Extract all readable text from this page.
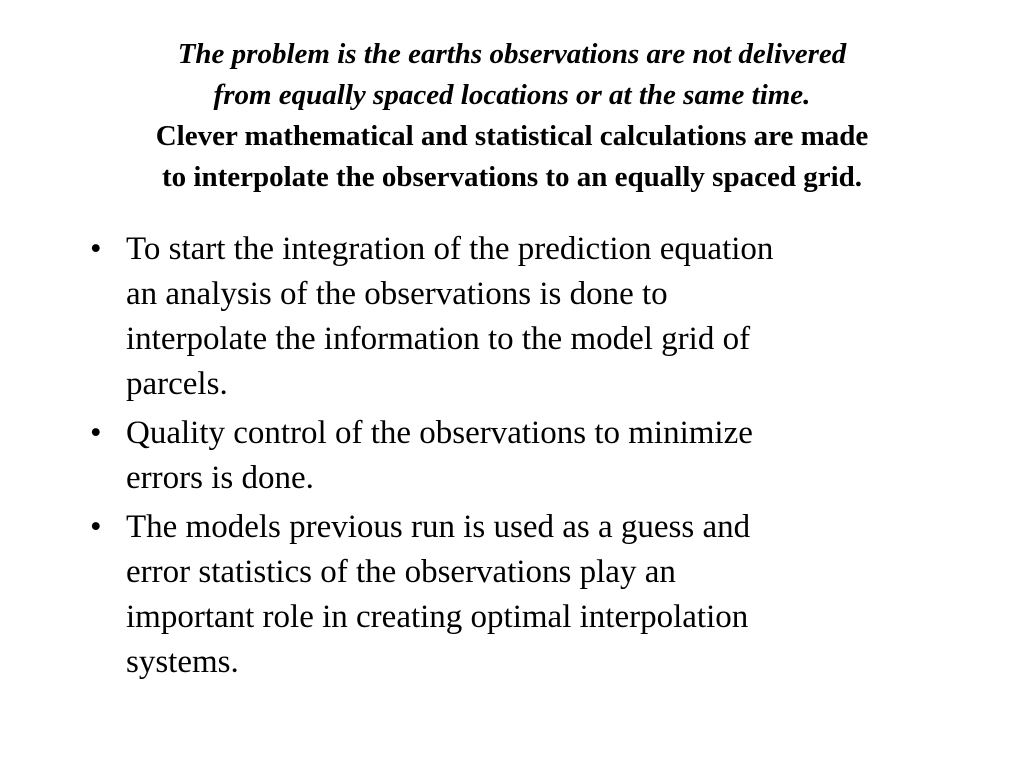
The problem is the earths observations are not delivered
from equally spaced locations or at the same time.
Clever mathematical and statistical calculations are made
to interpolate the observations to an equally spaced grid.
• To start the integration of the prediction equation
an analysis of the observations is done to
interpolate the information to the model grid of
parcels.
• Quality control of the observations to minimize
errors is done.
• The models previous run is used as a guess and
error statistics of the observations play an
important role in creating optimal interpolation
systems.
